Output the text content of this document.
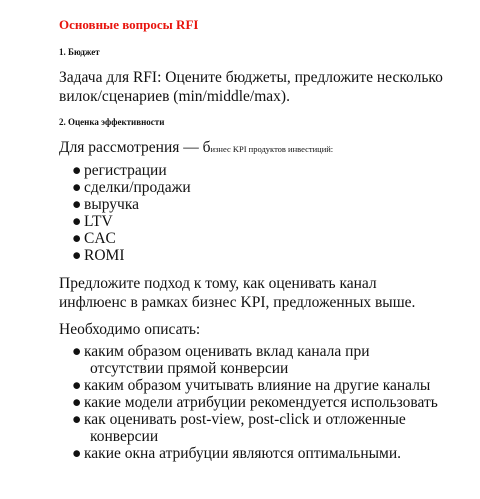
Основные вопросы RFI
1. Бюджет
Задача для RFI: Оцените бюджеты, предложите несколько
вилок/сценариев (min/middle/max).
2. Оценка эффективности
Для рассмотрения — бизнес KPI продуктов инвестиций:
● регистрации
● сделки/продажи
● выручка
● LTV
● CAC
● ROMI
Предложите подход к тому, как оценивать канал
инфлюенс в рамках бизнес KPI, предложенных выше.
Необходимо описать:
● каким образом оценивать вклад канала при
отсутствии прямой конверсии
● каким образом учитывать влияние на другие каналы
● какие модели атрибуции рекомендуется использовать
● как оценивать post-view, post-click и отложенные
конверсии
● какие окна атрибуции являются оптимальными.
